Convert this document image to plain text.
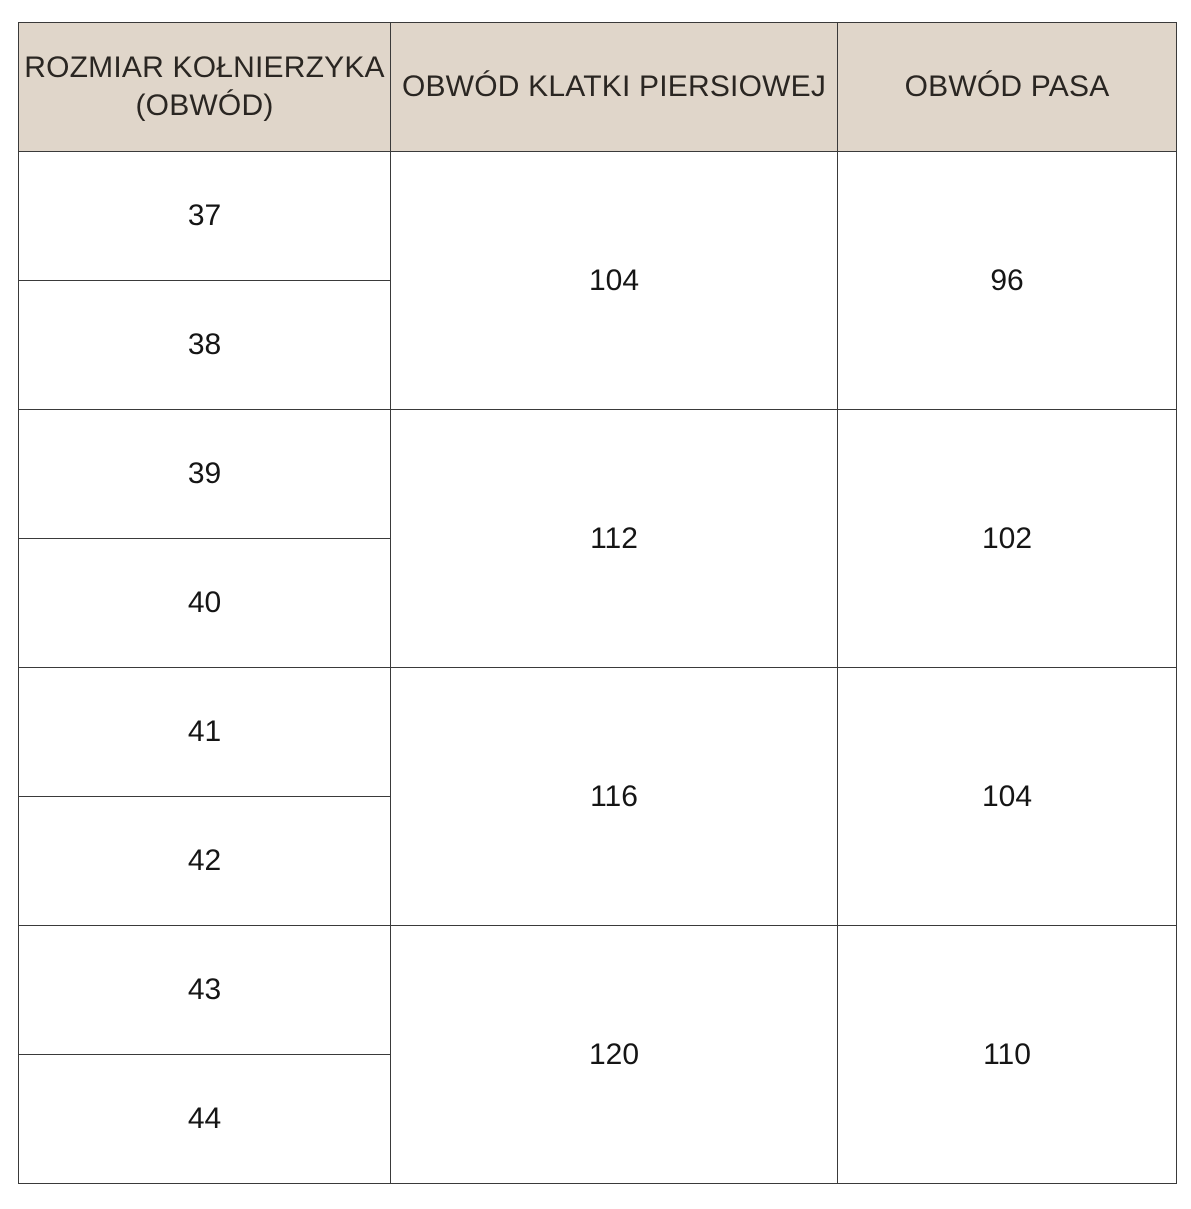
ROZMIAR KOŁNIERZYKA
(OBWÓD)	OBWÓD KLATKI PIERSIOWEJ	OBWÓD PASA
37	104	96
38		
39	112	102
40		
41	116	104
42		
43	120	110
44		
